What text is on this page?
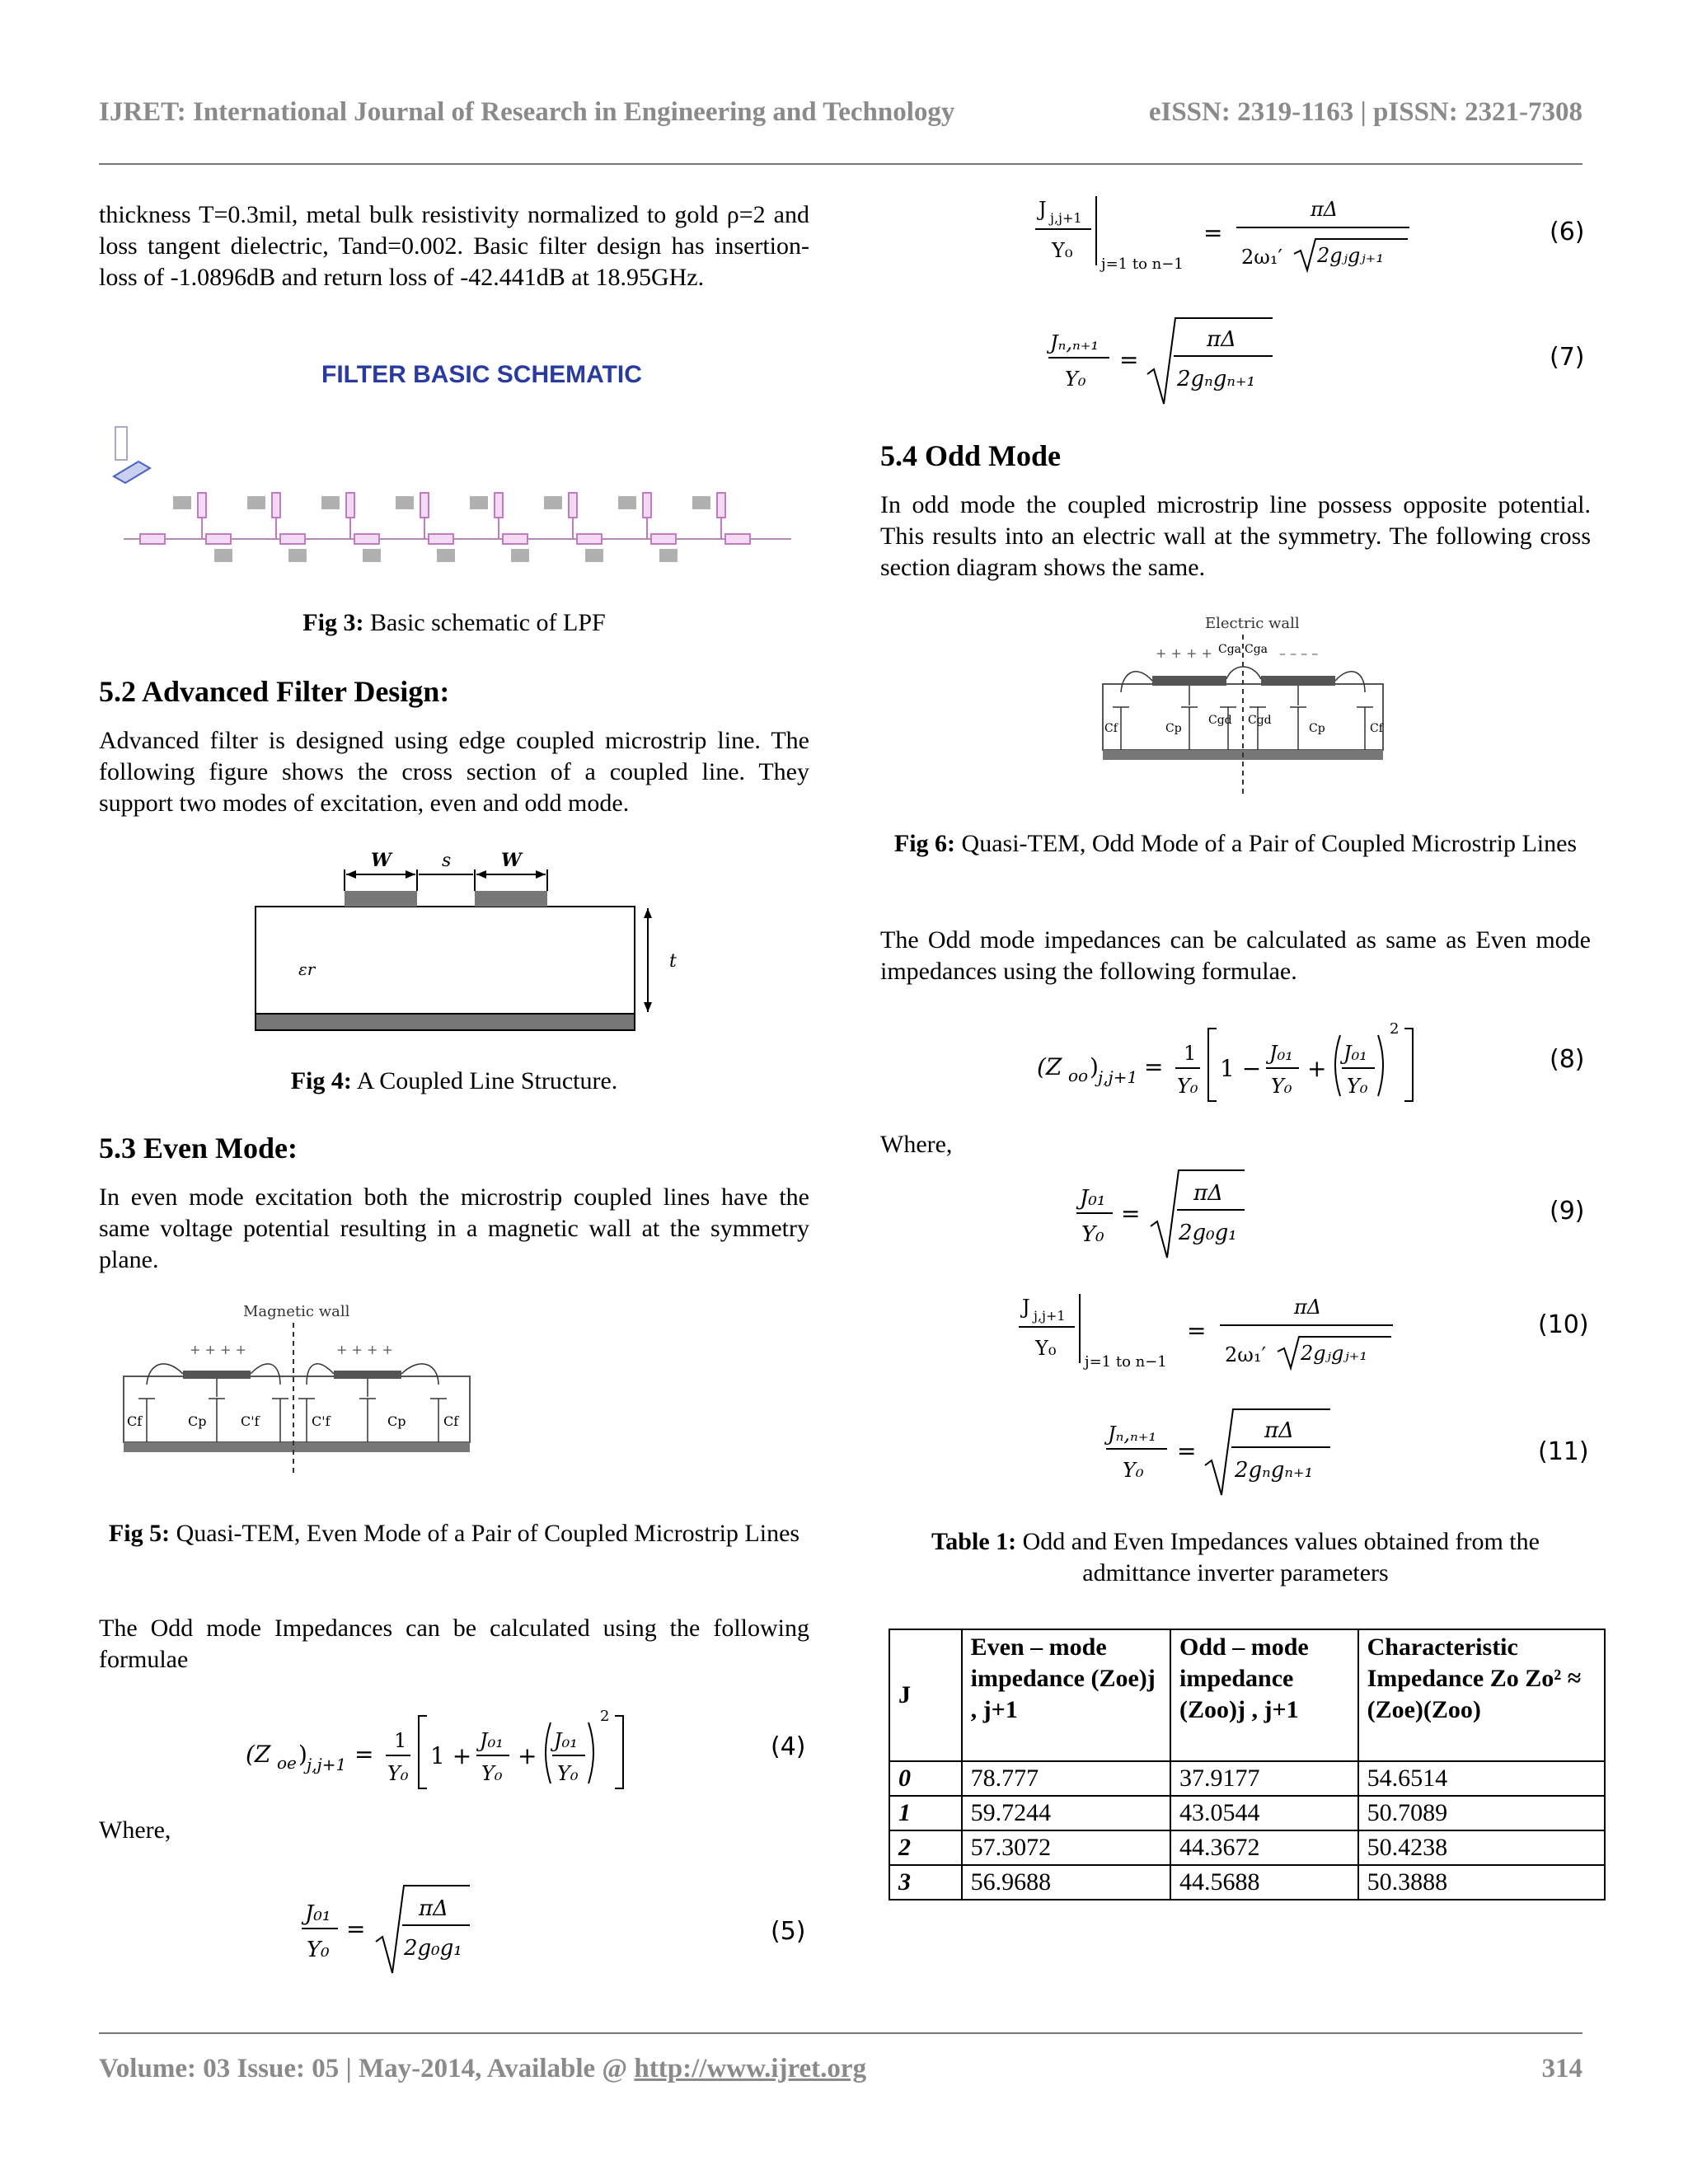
IJRET: International Journal of Research in Engineering and Technology	eISSN: 2319-1163 | pISSN: 2321-7308
thickness T=0.3mil, metal bulk resistivity normalized to gold ρ=2 and loss tangent dielectric, Tand=0.002. Basic filter design has insertion-loss of -1.0896dB and return loss of -42.441dB at 18.95GHz.
FILTER BASIC SCHEMATIC
Fig 3: Basic schematic of LPF
5.2 Advanced Filter Design:
Advanced filter is designed using edge coupled microstrip line. The following figure shows the cross section of a coupled line. They support two modes of excitation, even and odd mode.
W	s	W
t
εr
Fig 4: A Coupled Line Structure.
5.3 Even Mode:
In even mode excitation both the microstrip coupled lines have the same voltage potential resulting in a magnetic wall at the symmetry plane.
Magnetic wall
+ + + +	+ + + +
Cf	Cp	C'f	C'f	Cp	Cf
Fig 5: Quasi-TEM, Even Mode of a Pair of Coupled Microstrip Lines
The Odd mode Impedances can be calculated using the following formulae
(Z oe ) j,j+1 = 1
Y₀
1 +
J₀₁
Y₀
+
J₀₁
Y₀
2
(4)
Where,
J₀₁
Y₀
=
πΔ
2g₀g₁
(5)
J j,j+1
Y₀
j=1 to n−1
=
πΔ
2ω₁′ 2gⱼgⱼ₊₁
(6)
Jₙ,ₙ₊₁
Y₀
=
πΔ
2gₙgₙ₊₁
(7)
5.4 Odd Mode
In odd mode the coupled microstrip line possess opposite potential. This results into an electric wall at the symmetry. The following cross section diagram shows the same.
Electric wall
+ + + +	– – – –
Cga Cga
Cf	Cp
Cgd Cgd
Cp	Cf
Fig 6: Quasi-TEM, Odd Mode of a Pair of Coupled Microstrip Lines
The Odd mode impedances can be calculated as same as Even mode impedances using the following formulae.
(Z oo ) j,j+1 = 1
Y₀
1 −
J₀₁
Y₀
+
J₀₁
Y₀
2
(8)
Where,
J₀₁
Y₀
=
πΔ
2g₀g₁
(9)
J j,j+1
Y₀
j=1 to n−1
=
πΔ
2ω₁′ 2gⱼgⱼ₊₁
(10)
Jₙ,ₙ₊₁
Y₀
=
πΔ
2gₙgₙ₊₁
(11)
Table 1: Odd and Even Impedances values obtained from the admittance inverter parameters
J	Even – mode impedance (Zoe)j , j+1	Odd – mode impedance (Zoo)j , j+1	Characteristic Impedance Zo Zo² ≈ (Zoe)(Zoo)
0	78.777	37.9177	54.6514
1	59.7244	43.0544	50.7089
2	57.3072	44.3672	50.4238
3	56.9688	44.5688	50.3888
Volume: 03 Issue: 05 | May-2014, Available @ http://www.ijret.org	314
